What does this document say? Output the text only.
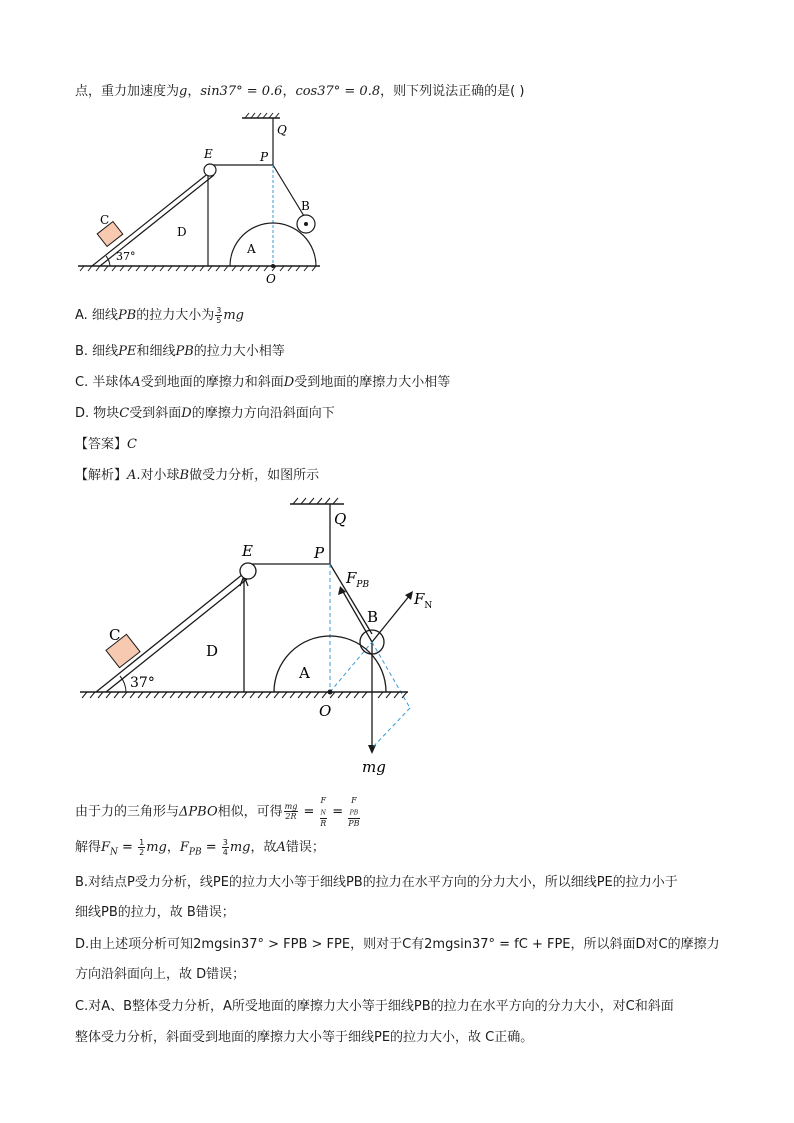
点，重力加速度为g，sin37° = 0.6，cos37° = 0.8，则下列说法正确的是( )
Q
P
E
B
C
D
A
O
37°
A. 细线PB的拉力大小为 $\frac{3}{5}$ mg
B. 细线PE和细线PB的拉力大小相等
C. 半球体A受到地面的摩擦力和斜面D受到地面的摩擦力大小相等
D. 物块C受到斜面D的摩擦力方向沿斜面向下
【答案】C
【解析】A.对小球B做受力分析，如图所示
Q
P
E
$F_{PB}$
$F_N$
B
C
D
A
O
37°
mg
由于力的三角形与ΔPBO相似，可得 $\frac{mg}{2R} = F$
$_N$
R = F
$_{PB}$
PB
解得$F_N = \frac{1}{2}$ mg，$F_{PB} = \frac{3}{4}$ mg，故A错误；
B.对结点P受力分析，线PE的拉力大小等于细线PB的拉力在水平方向的分力大小，所以细线PE的拉力小于
细线PB的拉力，故 B错误；
D.由上述项分析可知2mgsin37° > FPB > FPE，则对于C有2mgsin37° = fC + FPE，所以斜面D对C的摩擦力
方向沿斜面向上，故 D错误；
C.对A、B整体受力分析，A所受地面的摩擦力大小等于细线PB的拉力在水平方向的分力大小，对C和斜面
整体受力分析，斜面受到地面的摩擦力大小等于细线PE的拉力大小，故 C正确。
